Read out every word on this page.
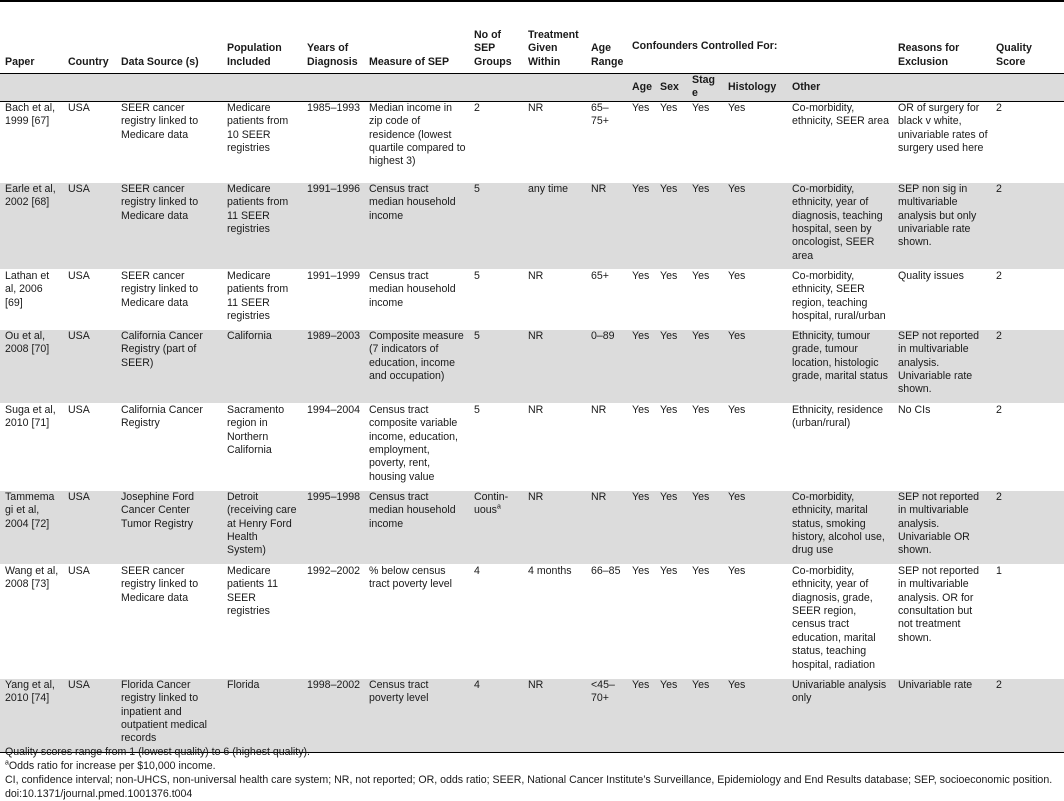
Paper	Country	Data Source (s)	Population Included	Years of Diagnosis	Measure of SEP	No of SEP Groups	Treatment Given Within	Age Range	Confounders Controlled For:					Reasons for Exclusion	Quality Score
									Age	Sex	Stage	Histology	Other		
Bach et al, 1999 [67]	USA	SEER cancer registry linked to Medicare data	Medicare patients from 10 SEER registries	1985–1993	Median income in zip code of residence (lowest quartile compared to highest 3)	2	NR	65–75+	Yes	Yes	Yes	Yes	Co-morbidity, ethnicity, SEER area	OR of surgery for black v white, univariable rates of surgery used here	2
Earle et al, 2002 [68]	USA	SEER cancer registry linked to Medicare data	Medicare patients from 11 SEER registries	1991–1996	Census tract median household income	5	any time	NR	Yes	Yes	Yes	Yes	Co-morbidity, ethnicity, year of diagnosis, teaching hospital, seen by oncologist, SEER area	SEP non sig in multivariable analysis but only univariable rate shown.	2
Lathan et al, 2006 [69]	USA	SEER cancer registry linked to Medicare data	Medicare patients from 11 SEER registries	1991–1999	Census tract median household income	5	NR	65+	Yes	Yes	Yes	Yes	Co-morbidity, ethnicity, SEER region, teaching hospital, rural/urban	Quality issues	2
Ou et al, 2008 [70]	USA	California Cancer Registry (part of SEER)	California	1989–2003	Composite measure (7 indicators of education, income and occupation)	5	NR	0–89	Yes	Yes	Yes	Yes	Ethnicity, tumour grade, tumour location, histologic grade, marital status	SEP not reported in multivariable analysis. Univariable rate shown.	2
Suga et al, 2010 [71]	USA	California Cancer Registry	Sacramento region in Northern California	1994–2004	Census tract composite variable income, education, employment, poverty, rent, housing value	5	NR	NR	Yes	Yes	Yes	Yes	Ethnicity, residence (urban/rural)	No CIs	2
Tammemagi et al, 2004 [72]	USA	Josephine Ford Cancer Center Tumor Registry	Detroit (receiving care at Henry Ford Health System)	1995–1998	Census tract median household income	Contin-uous$^a$	NR	NR	Yes	Yes	Yes	Yes	Co-morbidity, ethnicity, marital status, smoking history, alcohol use, drug use	SEP not reported in multivariable analysis. Univariable OR shown.	2
Wang et al, 2008 [73]	USA	SEER cancer registry linked to Medicare data	Medicare patients 11 SEER registries	1992–2002	% below census tract poverty level	4	4 months	66–85	Yes	Yes	Yes	Yes	Co-morbidity, ethnicity, year of diagnosis, grade, SEER region, census tract education, marital status, teaching hospital, radiation	SEP not reported in multivariable analysis. OR for consultation but not treatment shown.	1
Yang et al, 2010 [74]	USA	Florida Cancer registry linked to inpatient and outpatient medical records	Florida	1998–2002	Census tract poverty level	4	NR	<45–70+	Yes	Yes	Yes	Yes	Univariable analysis only	Univariable rate	2
Quality scores range from 1 (lowest quality) to 6 (highest quality).
$^a$Odds ratio for increase per $10,000 income.
CI, confidence interval; non-UHCS, non-universal health care system; NR, not reported; OR, odds ratio; SEER, National Cancer Institute’s Surveillance, Epidemiology and End Results database; SEP, socioeconomic position.
doi:10.1371/journal.pmed.1001376.t004
